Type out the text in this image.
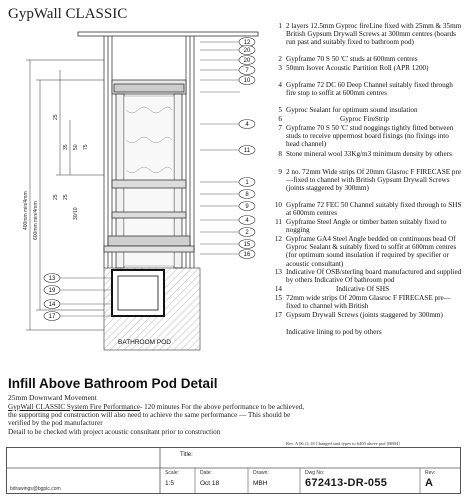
GypWall CLASSIC
12
20
20
7
10
4
11
1
8
9
4
2
15
16
13
19
14
17
400mm min/4mm 600mm min/4mm
25
35 50 75
25 25
30/10
BATHROOM POD
1 2 layers 12.5mm Gyproc fireLine fixed with 25mm & 35mm British Gypsum Drywall Screws at 300mm centres (boards run past and suitably fixed to bathroom pod)
2 Gypframe 70 S 50 'C' studs at 600mm centres
3 50mm Isover Acoustic Partition Roll (APR 1200)
4 Gypframe 72 DC 60 Deep Channel suitably fixed through fire stop to soffit at 600mm centres
5 Gyproc Sealant for optimum sound insulation
6	Gyproc FireStrip
7 Gypframe 70 S 50 'C' stud noggings tightly fitted between studs to receive uppermost board fixings (no fixings into head channel)
8 Stone mineral wool 33Kg/m3 minimum density by others
9 2 no. 72mm Wide strips Of 20mm Glasroc F FIRECASE pre—fixed to channel with British Gypsum Drywall Screws (joints staggered by 300mm)
10 Gypframe 72 FEC 50 Channel suitably fixed through to SHS at 600mm centres
11 Gypframe Steel Angle or timber batten suitably fixed to nogging
12 Gypframe GA4 Steel Angle bedded on continuous bead Of Gyproc Sealant & suitably fixed to soffit at 600mm centres (for optimum sound insulation if required by specifier or acoustic consultant)
13 Indicative Of OSB/sterling board manufactured and supplied by others Indicative Of bathroom pod
14	Indicative Of SHS
15 72mm wide strips Of 20mm Glasroc F FIRECASE pre—fixed to channel with British
17 Gypsum Drywall Screws (joints staggered by 300mm)
Indicative lining to pod by others
Infill Above Bathroom Pod Detail
25mm Downward Movement
GypWall CLASSIC System Fire Performance- 120 minutes For the above performance to be achieved, the supporting pod construction will also need to achieve the same performance — This should be verified by the pod manufacturer
Detail to be checked with project acoustic consultant prior to construction
Rev. A 06.11.18 Changed stud types to 6400 above pod [BRM]
Title:
bdrawings@bgplc.com
Scale:
1:5
Date:
Oct 18
Drawn:
MBH
Dwg No:
672413-DR-055
Rev:
A
